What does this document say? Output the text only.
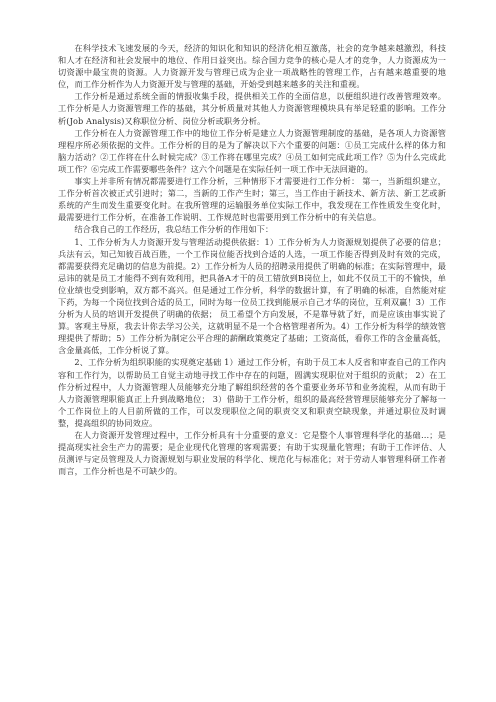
在科学技术飞速发展的今天，经济的知识化和知识的经济化相互激荡，社会的竞争越来越激烈，科技和人才在经济和社会发展中的地位、作用日益突出。综合国力竞争的核心是人才的竞争，人力资源成为一切资源中最宝贵的资源。人力资源开发与管理已成为企业一项战略性的管理工作，占有越来越重要的地位，而工作分析作为人力资源开发与管理的基础，开始受到越来越多的关注和重视。

工作分析是通过系统全面的情报收集手段，提供相关工作的全面信息，以便组织进行改善管理效率。工作分析是人力资源管理工作的基础，其分析质量对其他人力资源管理模块具有举足轻重的影响。工作分析(Job Analysis)又称职位分析、岗位分析或职务分析。

工作分析在人力资源管理工作中的地位工作分析是建立人力资源管理制度的基础，是各项人力资源管理程序所必须依据的文件。工作分析的目的是为了解决以下六个重要的问题：①员工完成什么样的体力和脑力活动？②工作将在什么时候完成？③工作将在哪里完成？④员工如何完成此项工作？⑤为什么完成此项工作？⑥完成工作需要哪些条件？这六个问题是在实际任何一项工作中无法回避的。

事实上并非所有情况都需要进行工作分析，三种情形下才需要进行工作分析： 第一，当新组织建立，工作分析首次被正式引进时；第二，当新的工作产生时；第三，当工作由于新技术、新方法、新工艺或新系统的产生而发生重要变化时。在我所管理的运输服务单位实际工作中，我发现在工作性质发生变化时，最需要进行工作分析，在准备工作说明、工作规范时也需要用到工作分析中的有关信息。

结合我自己的工作经历，我总结工作分析的作用如下：

1、工作分析为人力资源开发与管理活动提供依据：1）工作分析为人力资源规划提供了必要的信息；兵法有云，知己知彼百战百胜，一个工作岗位能否找到合适的人选，一项工作能否得到及时有效的完成，都需要获得充足确切的信息为前提。2）工作分析为人员的招聘录用提供了明确的标准；在实际管理中，最忌讳的就是员工才能得不到有效利用，把具备A才干的员工错放到B岗位上，如此不仅员工干的不愉快，单位业绩也受到影响，双方都不高兴。但是通过工作分析，科学的数据计算，有了明确的标准，自然能对症下药，为每一个岗位找到合适的员工，同时为每一位员工找到能展示自己才华的岗位，互利双赢！3）工作分析为人员的培训开发提供了明确的依据； 员工希望个方向发展，不是靠导就了好，而是应该由事实说了算。客观主导原，我去计你去学习公关，这就明显不是一个合格管理者所为。4）工作分析为科学的绩效管理提供了帮助；5）工作分析为制定公平合理的薪酬政策奠定了基础；工资高低，看你工作的含金量高低，含金量高低，工作分析说了算。

2、工作分析为组织职能的实现奠定基础 1）通过工作分析，有助于员工本人反省和审查自己的工作内容和工作行为，以帮助员工自觉主动地寻找工作中存在的问题，圆满实现职位对于组织的贡献； 2）在工作分析过程中，人力资源管理人员能够充分地了解组织经营的各个重要业务环节和业务流程，从而有助于人力资源管理职能真正上升到战略地位； 3）借助于工作分析，组织的最高经营管理层能够充分了解每一个工作岗位上的人目前所做的工作，可以发现职位之间的职责交叉和职责空缺现象，并通过职位及时调整，提高组织的协同效应。

在人力资源开发管理过程中，工作分析具有十分重要的意义：它是整个人事管理科学化的基础…；是提高现实社会生产力的需要；是企业现代化管理的客观需要；有助于实现量化管理；有助于工作评估、人员测评与定员管理及人力资源规划与职业发展的科学化、规范化与标准化；对于劳动人事管理科研工作者而言，工作分析也是不可缺少的。
